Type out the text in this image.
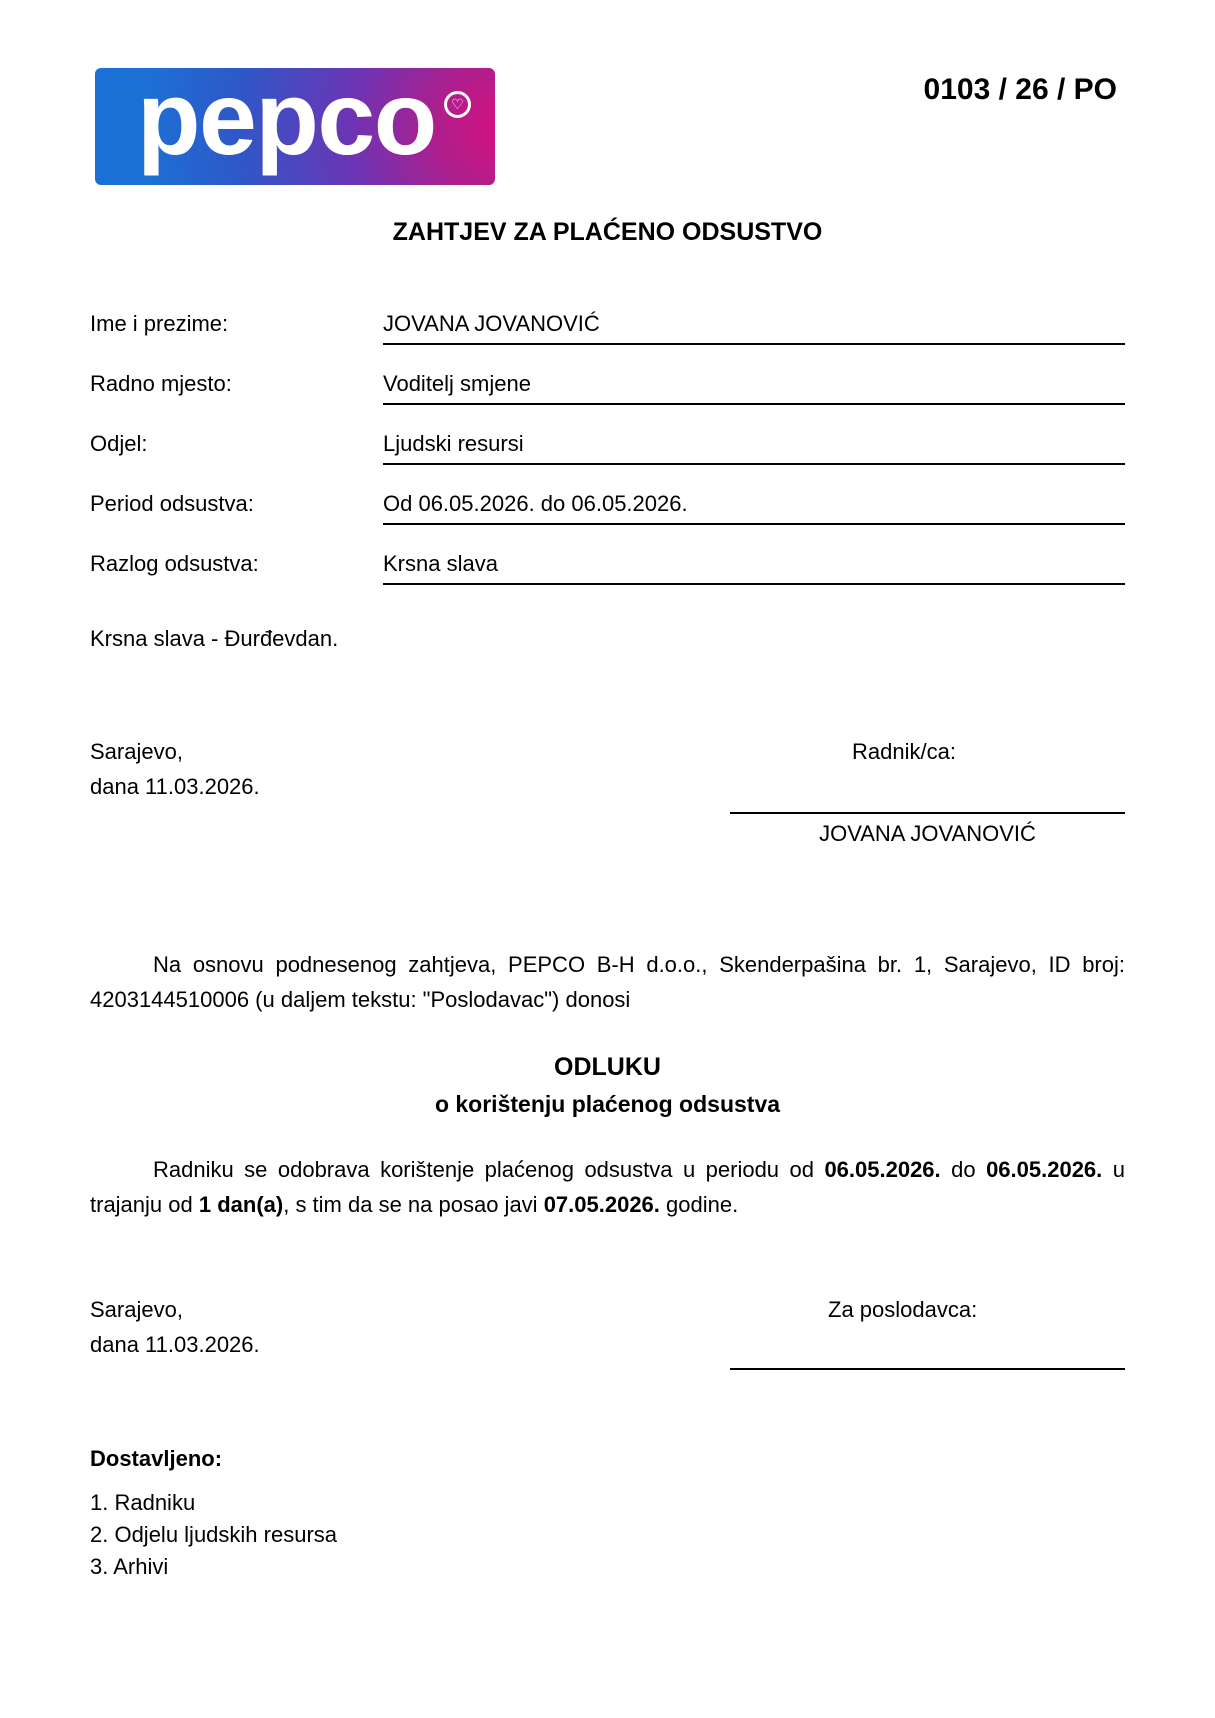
pepco ♡	0103 / 26 / PO
ZAHTJEV ZA PLAĆENO ODSUSTVO
Ime i prezime:	JOVANA JOVANOVIĆ
Radno mjesto:	Voditelj smjene
Odjel:	Ljudski resursi
Period odsustva:	Od 06.05.2026. do 06.05.2026.
Razlog odsustva:	Krsna slava
Krsna slava - Đurđevdan.
Sarajevo,
dana 11.03.2026.
Radnik/ca:
JOVANA JOVANOVIĆ
Na osnovu podnesenog zahtjeva, PEPCO B-H d.o.o., Skenderpašina br. 1, Sarajevo, ID broj: 4203144510006 (u daljem tekstu: "Poslodavac") donosi
ODLUKU
o korištenju plaćenog odsustva
Radniku se odobrava korištenje plaćenog odsustva u periodu od 06.05.2026. do 06.05.2026. u trajanju od 1 dan(a), s tim da se na posao javi 07.05.2026. godine.
Sarajevo,
dana 11.03.2026.
Za poslodavca:
Dostavljeno:
1. Radniku
2. Odjelu ljudskih resursa
3. Arhivi
